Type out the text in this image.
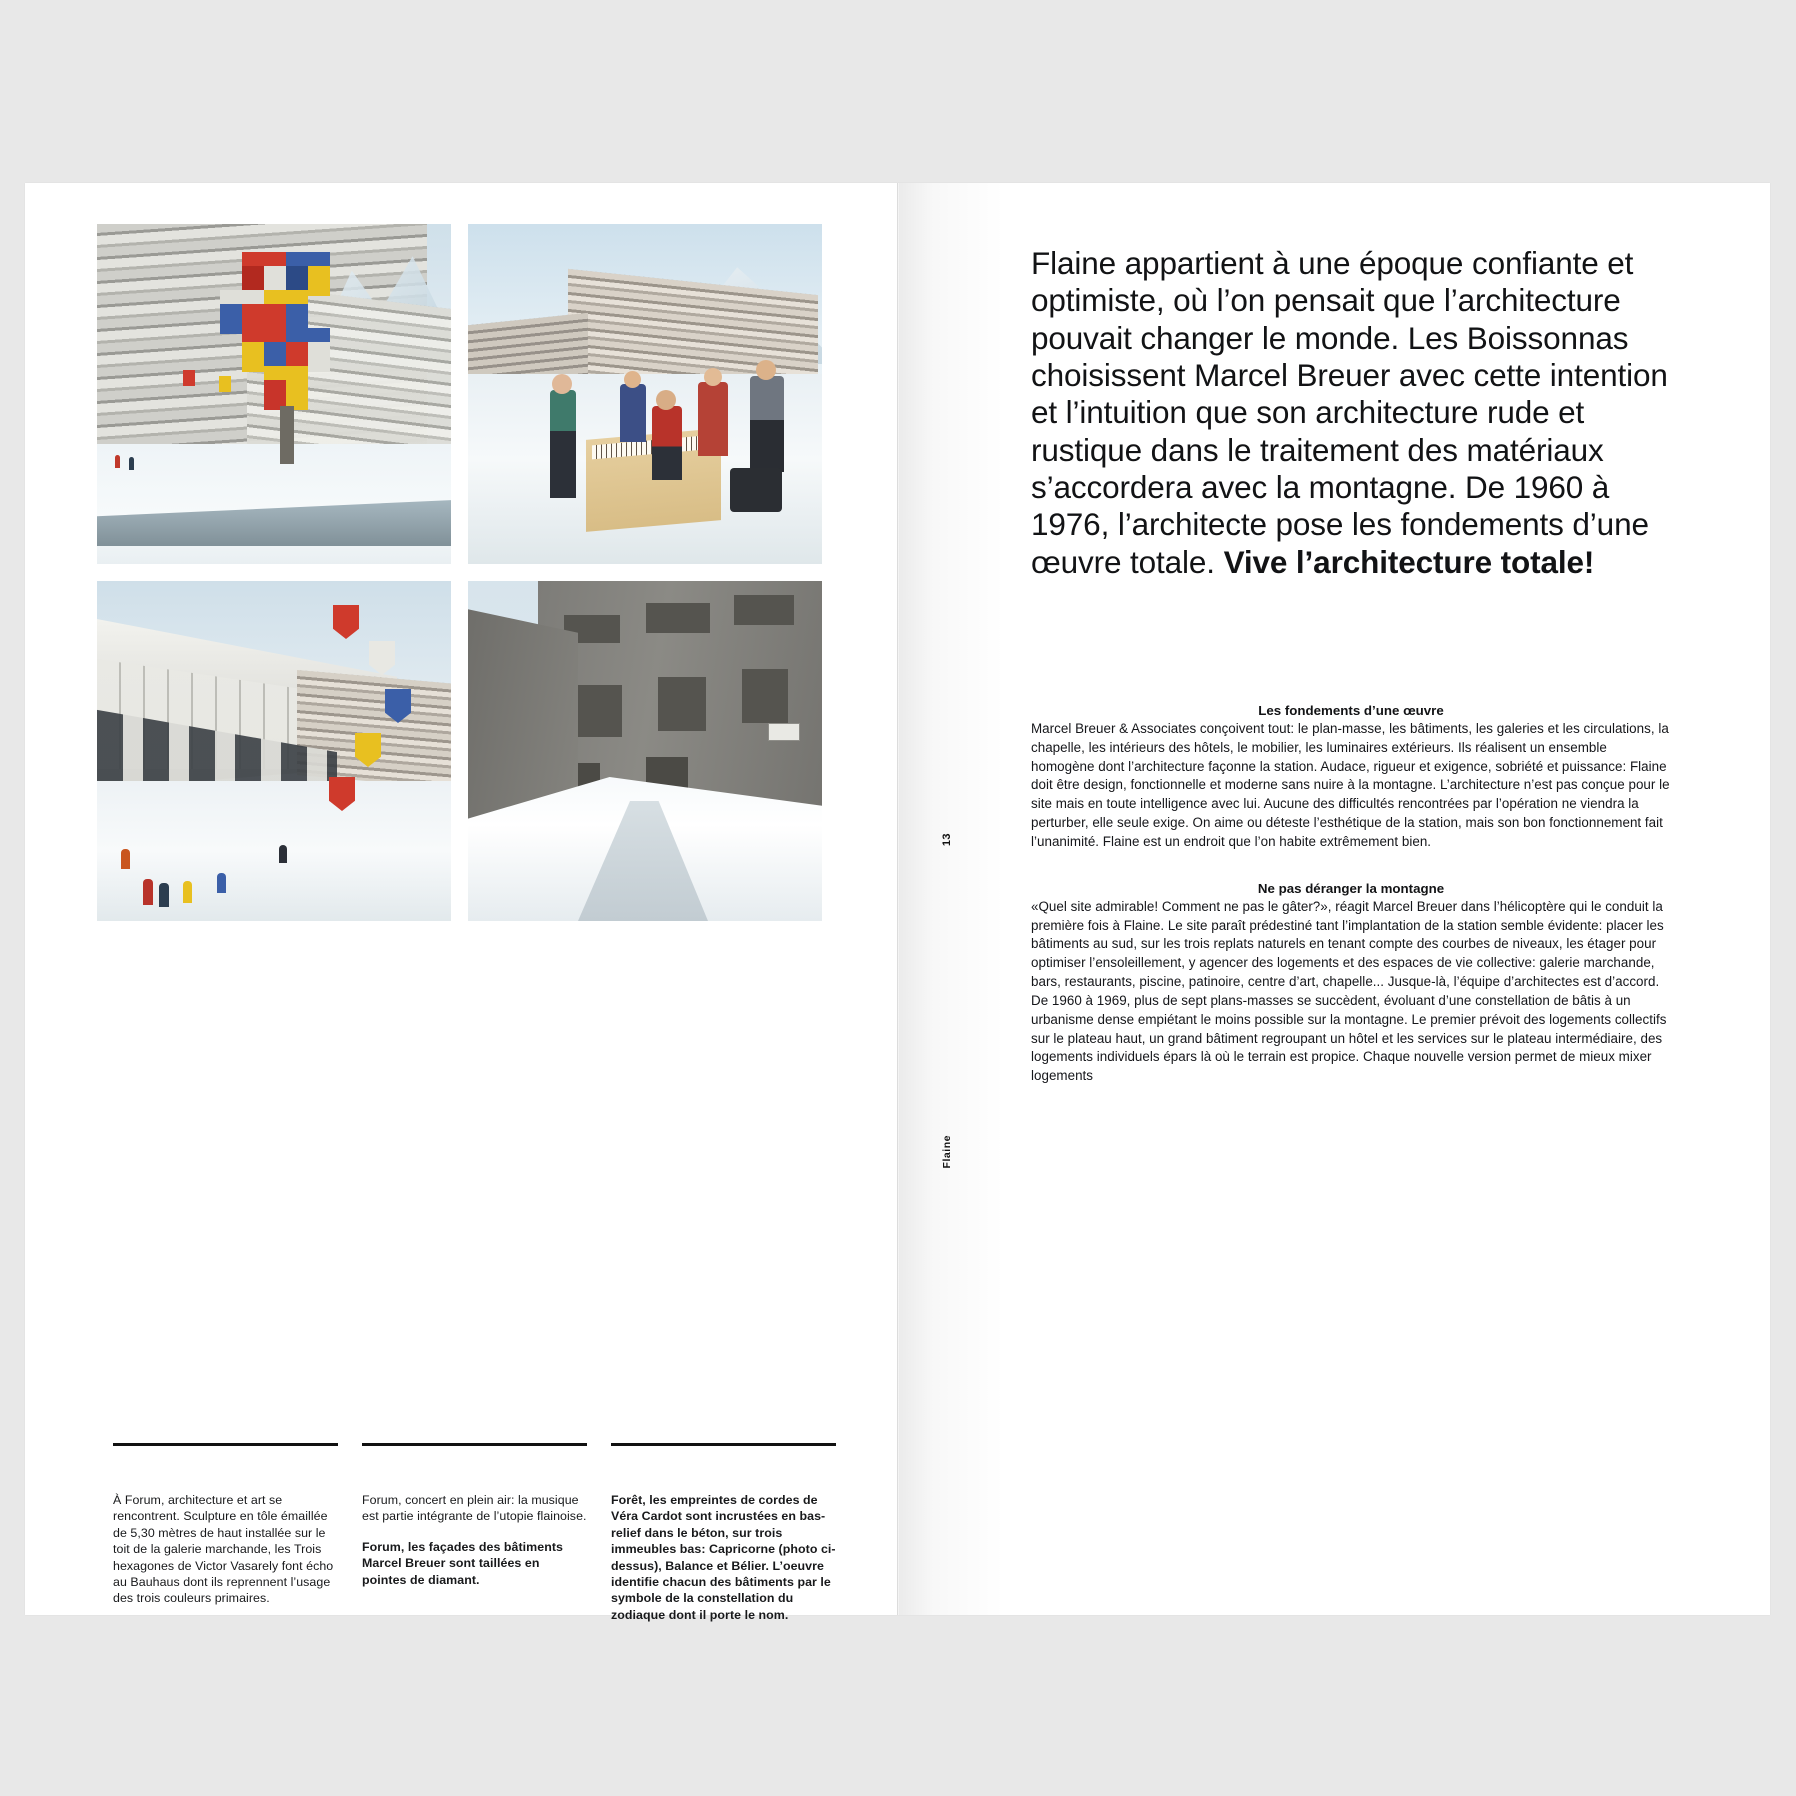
À Forum, architecture et art se rencontrent. Sculpture en tôle émaillée de 5,30 mètres de haut installée sur le toit de la galerie marchande, les Trois hexagones de Victor Vasarely font écho au Bauhaus dont ils reprennent l’usage des trois couleurs primaires.

Forum, concert en plein air: la musique est partie intégrante de l’utopie flainoise.

Forum, les façades des bâtiments Marcel Breuer sont taillées en pointes de diamant.

Forêt, les empreintes de cordes de Véra Cardot sont incrustées en bas-relief dans le béton, sur trois immeubles bas: Capricorne (photo ci-dessus), Balance et Bélier. L’oeuvre identifie chacun des bâtiments par le symbole de la constellation du zodiaque dont il porte le nom.

13
Flaine
Flaine appartient à une époque confiante et optimiste, où l’on pensait que l’architecture pouvait changer le monde. Les Boissonnas choisissent Marcel Breuer avec cette intention et l’intuition que son architecture rude et rustique dans le traitement des matériaux s’accordera avec la montagne. De 1960 à 1976, l’architecte pose les fondements d’une œuvre totale. Vive l’architecture totale!
Les fondements d’une œuvre

Marcel Breuer & Associates conçoivent tout: le plan-masse, les bâtiments, les galeries et les circulations, la chapelle, les intérieurs des hôtels, le mobilier, les luminaires extérieurs. Ils réalisent un ensemble homogène dont l’architecture façonne la station. Audace, rigueur et exigence, sobriété et puissance: Flaine doit être design, fonctionnelle et moderne sans nuire à la montagne. L’architecture n’est pas conçue pour le site mais en toute intelligence avec lui. Aucune des difficultés rencontrées par l’opération ne viendra la perturber, elle seule exige. On aime ou déteste l’esthétique de la station, mais son bon fonctionnement fait l’unanimité. Flaine est un endroit que l’on habite extrêmement bien.

Ne pas déranger la montagne

«Quel site admirable! Comment ne pas le gâter?», réagit Marcel Breuer dans l’hélicoptère qui le conduit la première fois à Flaine. Le site paraît prédestiné tant l’implantation de la station semble évidente: placer les bâtiments au sud, sur les trois replats naturels en tenant compte des courbes de niveaux, les étager pour optimiser l’ensoleillement, y agencer des logements et des espaces de vie collective: galerie marchande, bars, restaurants, piscine, patinoire, centre d’art, chapelle... Jusque-là, l’équipe d’architectes est d’accord. De 1960 à 1969, plus de sept plans-masses se succèdent, évoluant d’une constellation de bâtis à un urbanisme dense empiétant le moins possible sur la montagne. Le premier prévoit des logements collectifs sur le plateau haut, un grand bâtiment regroupant un hôtel et les services sur le plateau intermédiaire, des logements individuels épars là où le terrain est propice. Chaque nouvelle version permet de mieux mixer logements
